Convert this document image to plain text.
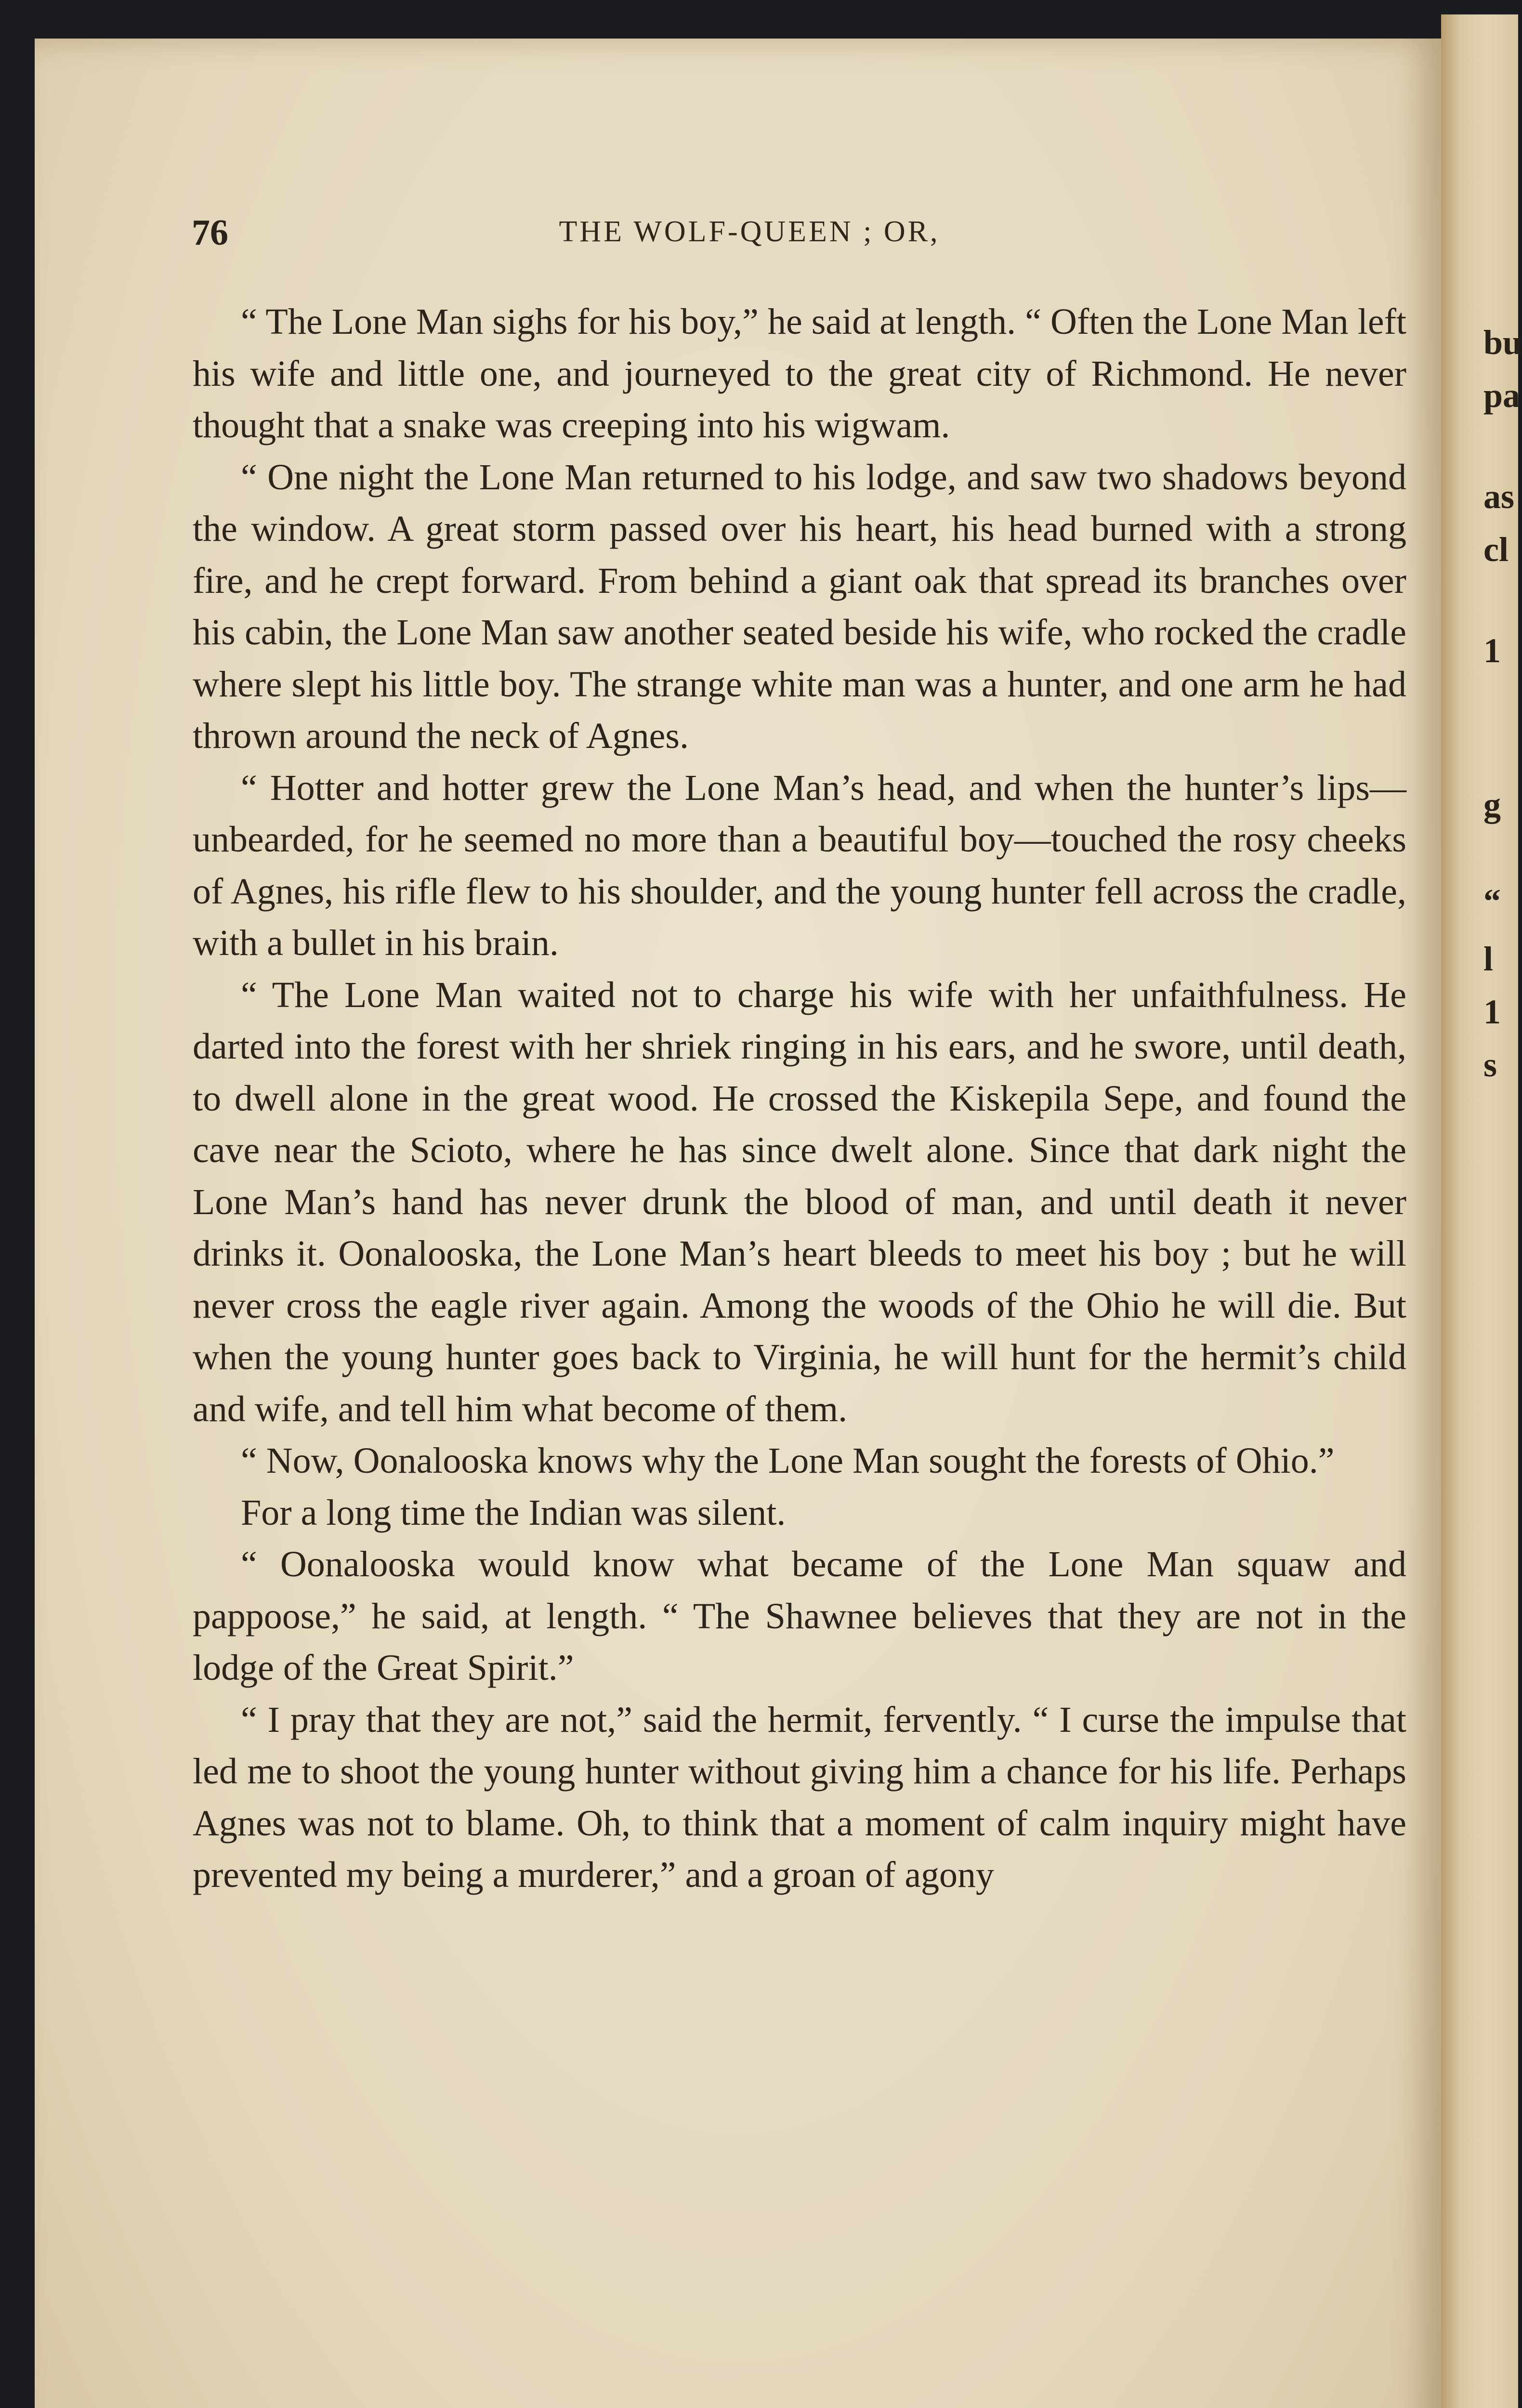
bu
pa
as
cl
1
g
“
l
1
s
76	THE WOLF-QUEEN ; OR,

“ The Lone Man sighs for his boy,” he said at length. “ Often the Lone Man left his wife and little one, and journeyed to the great city of Richmond. He never thought that a snake was creeping into his wigwam.

“ One night the Lone Man returned to his lodge, and saw two shadows beyond the window. A great storm passed over his heart, his head burned with a strong fire, and he crept forward. From behind a giant oak that spread its branches over his cabin, the Lone Man saw another seated beside his wife, who rocked the cradle where slept his little boy. The strange white man was a hunter, and one arm he had thrown around the neck of Agnes.

“ Hotter and hotter grew the Lone Man’s head, and when the hunter’s lips—unbearded, for he seemed no more than a beautiful boy—touched the rosy cheeks of Agnes, his rifle flew to his shoulder, and the young hunter fell across the cradle, with a bullet in his brain.

“ The Lone Man waited not to charge his wife with her unfaithfulness. He darted into the forest with her shriek ringing in his ears, and he swore, until death, to dwell alone in the great wood. He crossed the Kiskepila Sepe, and found the cave near the Scioto, where he has since dwelt alone. Since that dark night the Lone Man’s hand has never drunk the blood of man, and until death it never drinks it. Oonalooska, the Lone Man’s heart bleeds to meet his boy ; but he will never cross the eagle river again. Among the woods of the Ohio he will die. But when the young hunter goes back to Virginia, he will hunt for the hermit’s child and wife, and tell him what become of them.

“ Now, Oonalooska knows why the Lone Man sought the forests of Ohio.”

For a long time the Indian was silent.

“ Oonalooska would know what became of the Lone Man squaw and pappoose,” he said, at length. “ The Shawnee believes that they are not in the lodge of the Great Spirit.”

“ I pray that they are not,” said the hermit, fervently. “ I curse the impulse that led me to shoot the young hunter without giving him a chance for his life. Perhaps Agnes was not to blame. Oh, to think that a moment of calm inquiry might have prevented my being a murderer,” and a groan of agony
